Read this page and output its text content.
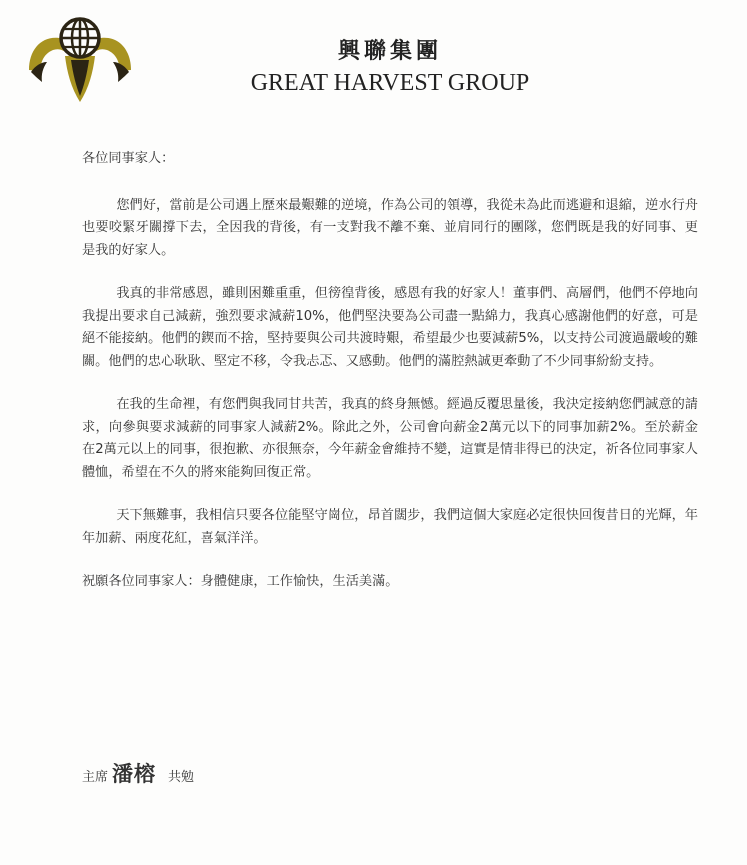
興聯集團
GREAT HARVEST GROUP

各位同事家人：

您們好，當前是公司遇上歷來最艱難的逆境，作為公司的領導，我從未為此而逃避和退縮，逆水行舟也要咬緊牙關撐下去，全因我的背後，有一支對我不離不棄、並肩同行的團隊，您們既是我的好同事、更是我的好家人。

我真的非常感恩，雖則困難重重，但徬徨背後，感恩有我的好家人！董事們、高層們，他們不停地向我提出要求自己減薪，強烈要求減薪10%，他們堅決要為公司盡一點綿力，我真心感謝他們的好意，可是絕不能接納。他們的鍥而不捨，堅持要與公司共渡時艱，希望最少也要減薪5%，以支持公司渡過嚴峻的難關。他們的忠心耿耿、堅定不移，令我忐忑、又感動。他們的滿腔熱誠更牽動了不少同事紛紛支持。

在我的生命裡，有您們與我同甘共苦，我真的終身無憾。經過反覆思量後，我決定接納您們誠意的請求，向參與要求減薪的同事家人減薪2%。除此之外，公司會向薪金2萬元以下的同事加薪2%。至於薪金在2萬元以上的同事，很抱歉、亦很無奈，今年薪金會維持不變，這實是情非得已的決定，祈各位同事家人體恤，希望在不久的將來能夠回復正常。

天下無難事，我相信只要各位能堅守崗位，昂首闊步，我們這個大家庭必定很快回復昔日的光輝，年年加薪、兩度花紅，喜氣洋洋。

祝願各位同事家人：身體健康，工作愉快，生活美滿。

主席 潘榕 共勉
